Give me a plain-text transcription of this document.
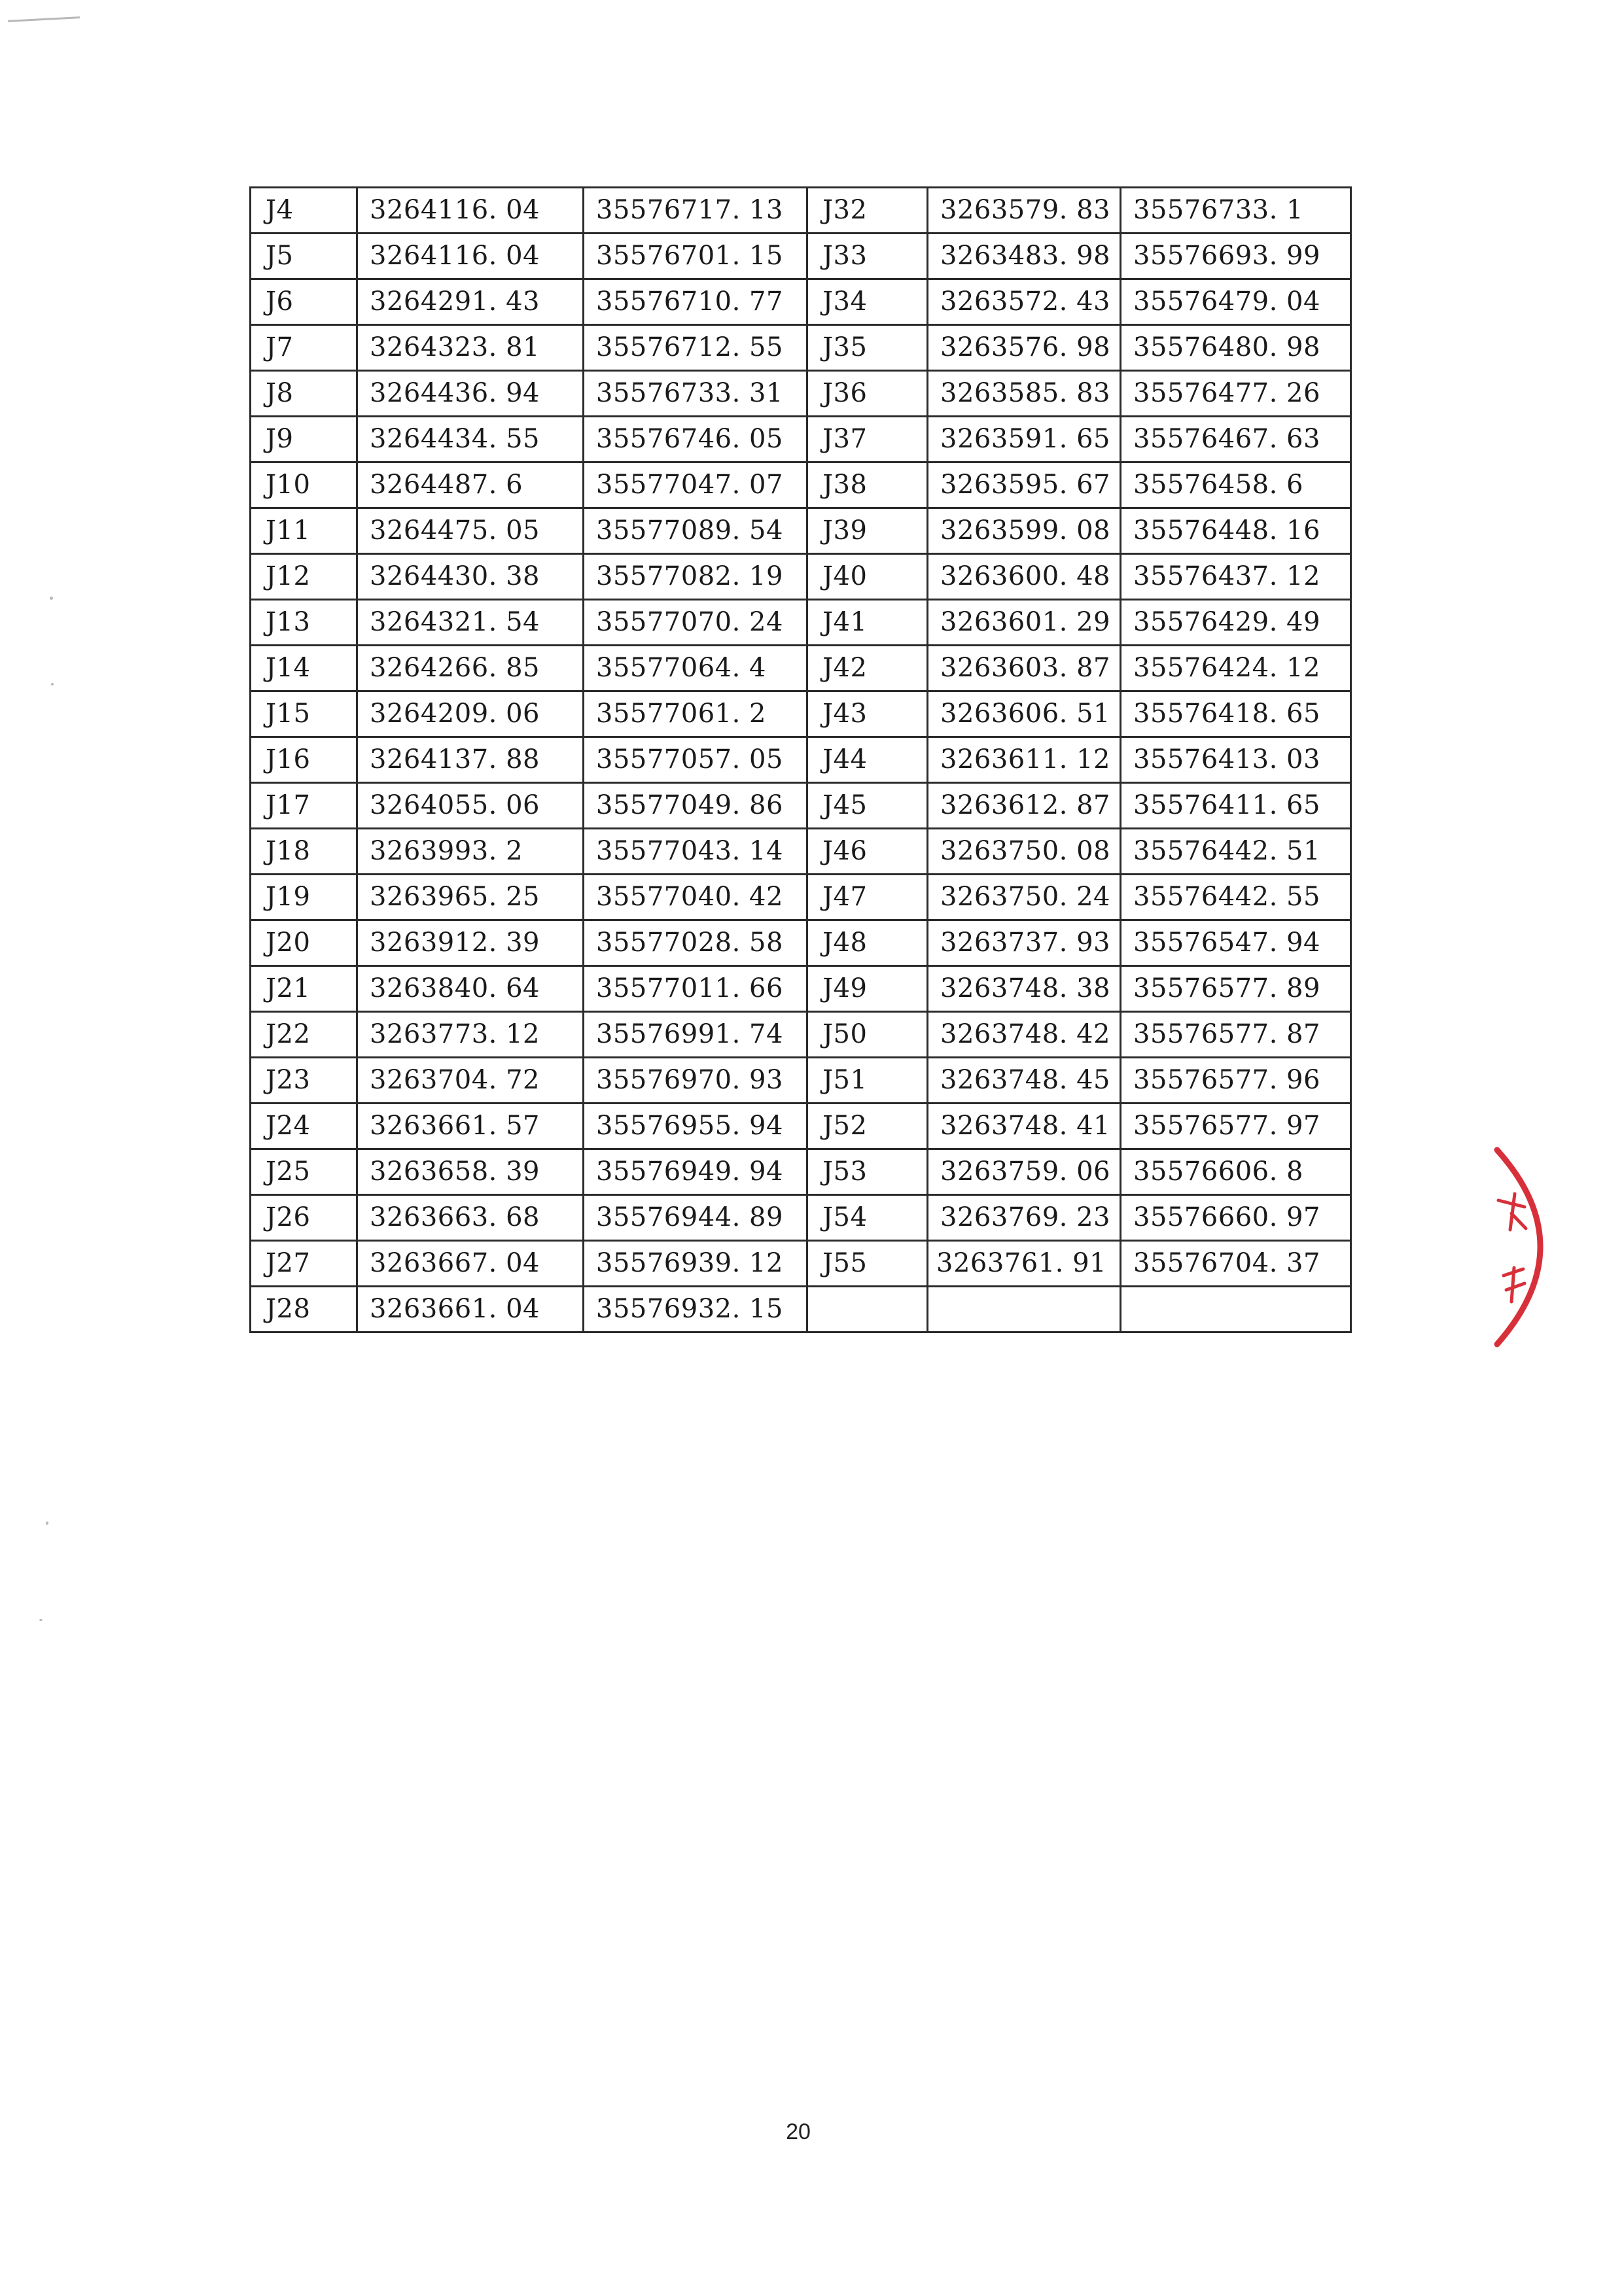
J4	3264116. 04	35576717. 13	J32	3263579. 83	35576733. 1
J5	3264116. 04	35576701. 15	J33	3263483. 98	35576693. 99
J6	3264291. 43	35576710. 77	J34	3263572. 43	35576479. 04
J7	3264323. 81	35576712. 55	J35	3263576. 98	35576480. 98
J8	3264436. 94	35576733. 31	J36	3263585. 83	35576477. 26
J9	3264434. 55	35576746. 05	J37	3263591. 65	35576467. 63
J10	3264487. 6	35577047. 07	J38	3263595. 67	35576458. 6
J11	3264475. 05	35577089. 54	J39	3263599. 08	35576448. 16
J12	3264430. 38	35577082. 19	J40	3263600. 48	35576437. 12
J13	3264321. 54	35577070. 24	J41	3263601. 29	35576429. 49
J14	3264266. 85	35577064. 4	J42	3263603. 87	35576424. 12
J15	3264209. 06	35577061. 2	J43	3263606. 51	35576418. 65
J16	3264137. 88	35577057. 05	J44	3263611. 12	35576413. 03
J17	3264055. 06	35577049. 86	J45	3263612. 87	35576411. 65
J18	3263993. 2	35577043. 14	J46	3263750. 08	35576442. 51
J19	3263965. 25	35577040. 42	J47	3263750. 24	35576442. 55
J20	3263912. 39	35577028. 58	J48	3263737. 93	35576547. 94
J21	3263840. 64	35577011. 66	J49	3263748. 38	35576577. 89
J22	3263773. 12	35576991. 74	J50	3263748. 42	35576577. 87
J23	3263704. 72	35576970. 93	J51	3263748. 45	35576577. 96
J24	3263661. 57	35576955. 94	J52	3263748. 41	35576577. 97
J25	3263658. 39	35576949. 94	J53	3263759. 06	35576606. 8
J26	3263663. 68	35576944. 89	J54	3263769. 23	35576660. 97
J27	3263667. 04	35576939. 12	J55	3263761. 91	35576704. 37
J28	3263661. 04	35576932. 15			
20
